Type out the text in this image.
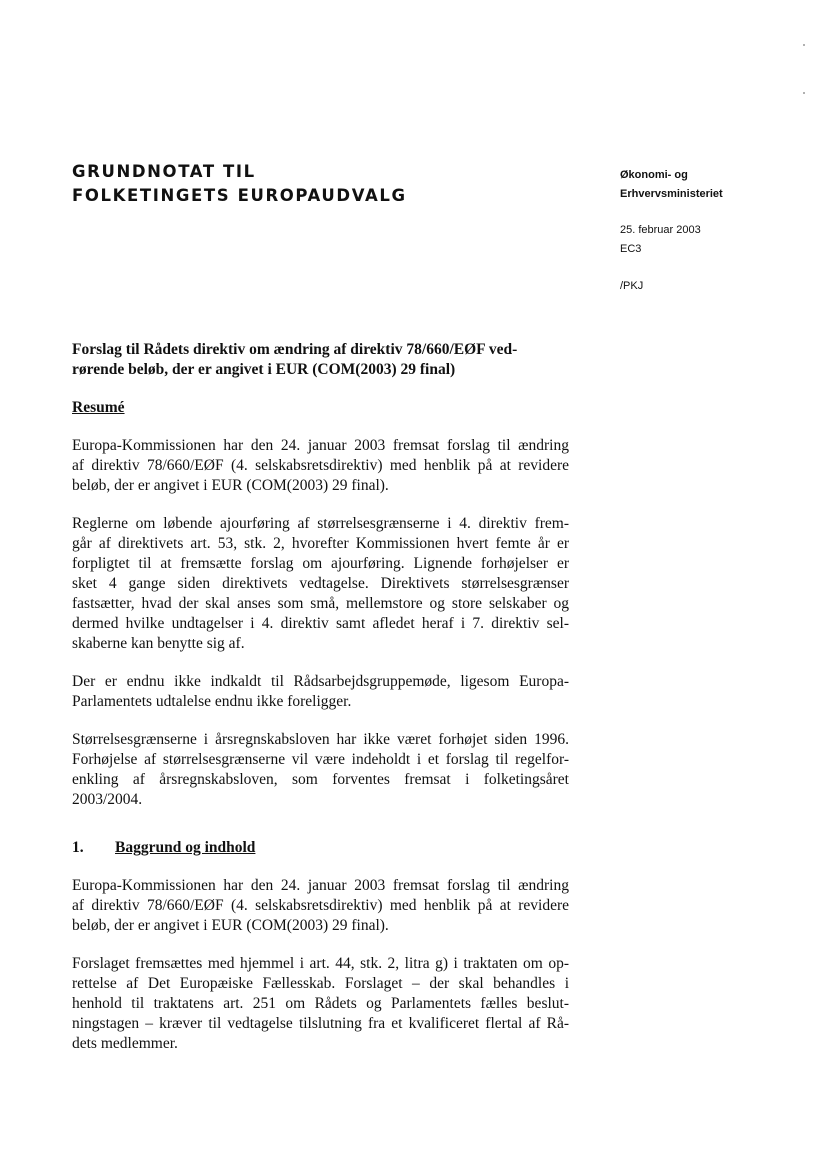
GRUNDNOTAT TIL
FOLKETINGETS EUROPAUDVALG
Økonomi- og
Erhvervsministeriet
25. februar 2003
EC3
/PKJ
Forslag til Rådets direktiv om ændring af direktiv 78/660/EØF ved-
rørende beløb, der er angivet i EUR (COM(2003) 29 final)
Resumé

Europa-Kommissionen har den 24. januar 2003 fremsat forslag til ændring
af direktiv 78/660/EØF (4. selskabsretsdirektiv) med henblik på at revidere
beløb, der er angivet i EUR (COM(2003) 29 final).

Reglerne om løbende ajourføring af størrelsesgrænserne i 4. direktiv frem-
går af direktivets art. 53, stk. 2, hvorefter Kommissionen hvert femte år er
forpligtet til at fremsætte forslag om ajourføring. Lignende forhøjelser er
sket 4 gange siden direktivets vedtagelse. Direktivets størrelsesgrænser
fastsætter, hvad der skal anses som små, mellemstore og store selskaber og
dermed hvilke undtagelser i 4. direktiv samt afledet heraf i 7. direktiv sel-
skaberne kan benytte sig af.

Der er endnu ikke indkaldt til Rådsarbejdsgruppemøde, ligesom Europa-
Parlamentets udtalelse endnu ikke foreligger.

Størrelsesgrænserne i årsregnskabsloven har ikke været forhøjet siden 1996.
Forhøjelse af størrelsesgrænserne vil være indeholdt i et forslag til regelfor-
enkling af årsregnskabsloven, som forventes fremsat i folketingsåret
2003/2004.

1.	Baggrund og indhold

Europa-Kommissionen har den 24. januar 2003 fremsat forslag til ændring
af direktiv 78/660/EØF (4. selskabsretsdirektiv) med henblik på at revidere
beløb, der er angivet i EUR (COM(2003) 29 final).

Forslaget fremsættes med hjemmel i art. 44, stk. 2, litra g) i traktaten om op-
rettelse af Det Europæiske Fællesskab. Forslaget – der skal behandles i
henhold til traktatens art. 251 om Rådets og Parlamentets fælles beslut-
ningstagen – kræver til vedtagelse tilslutning fra et kvalificeret flertal af Rå-
dets medlemmer.
